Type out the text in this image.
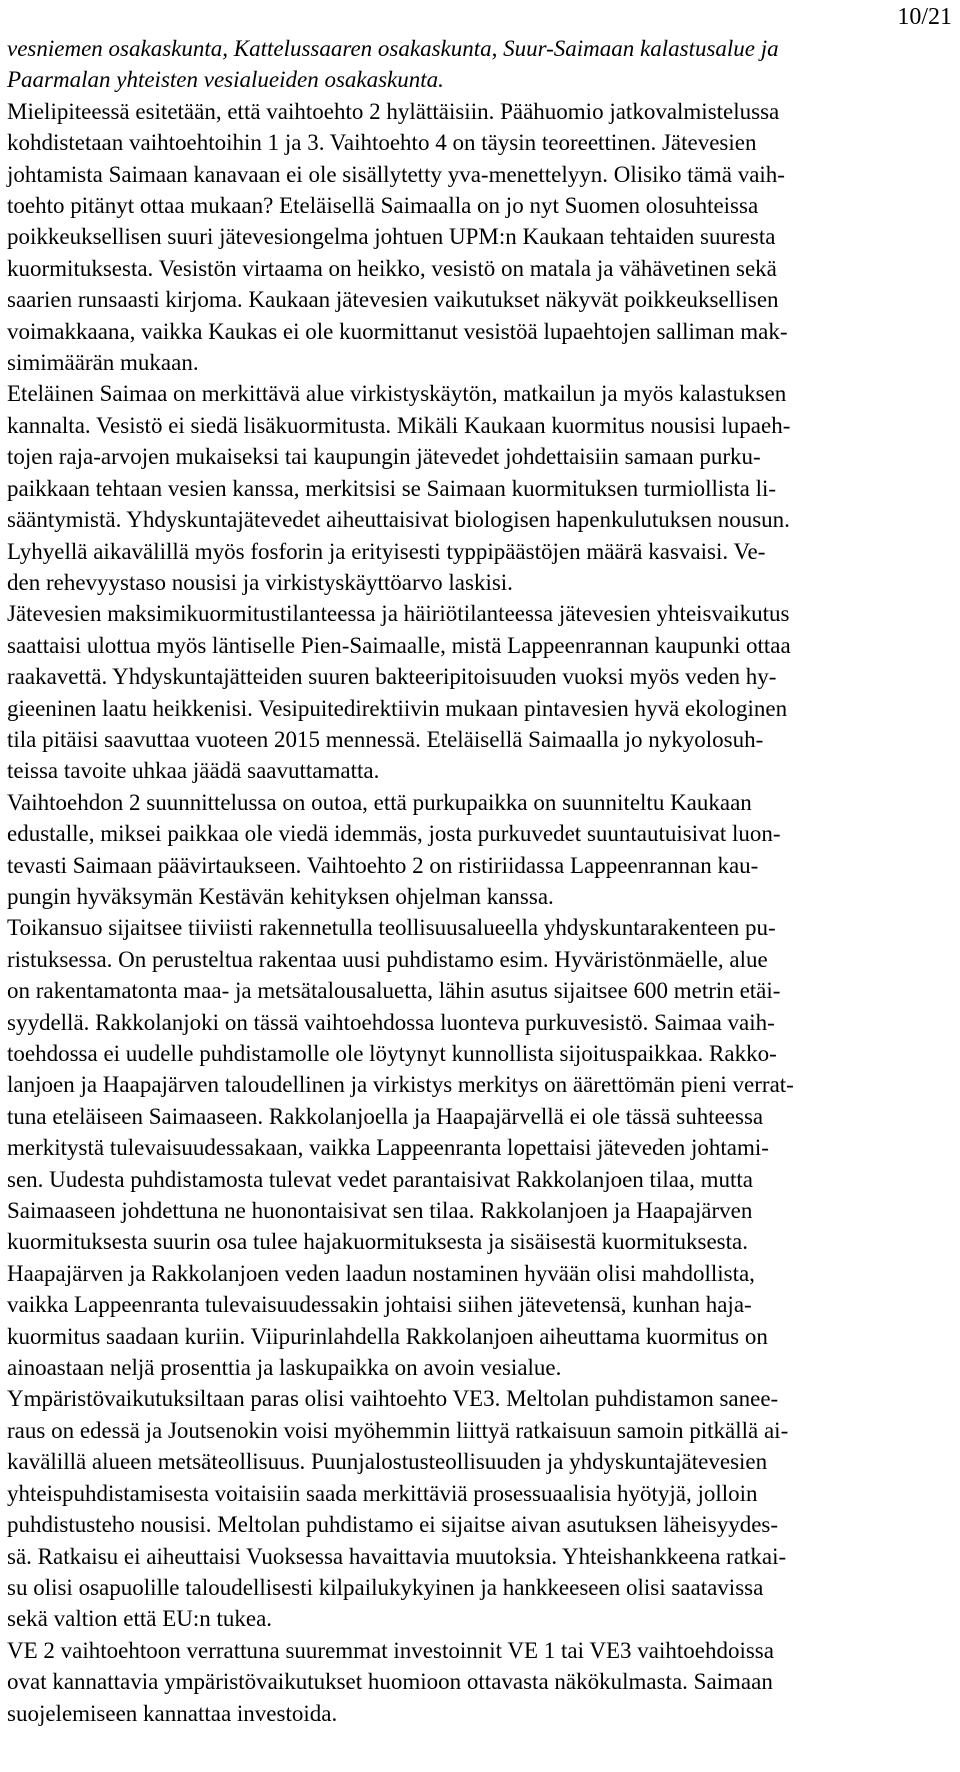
10/21

vesniemen osakaskunta, Kattelussaaren osakaskunta, Suur-Saimaan kalastusalue ja

Paarmalan yhteisten vesialueiden osakaskunta.

Mielipiteessä esitetään, että vaihtoehto 2 hylättäisiin. Päähuomio jatkovalmistelussa

kohdistetaan vaihtoehtoihin 1 ja 3. Vaihtoehto 4 on täysin teoreettinen. Jätevesien

johtamista Saimaan kanavaan ei ole sisällytetty yva-menettelyyn. Olisiko tämä vaih-

toehto pitänyt ottaa mukaan? Eteläisellä Saimaalla on jo nyt Suomen olosuhteissa

poikkeuksellisen suuri jätevesiongelma johtuen UPM:n Kaukaan tehtaiden suuresta

kuormituksesta. Vesistön virtaama on heikko, vesistö on matala ja vähävetinen sekä

saarien runsaasti kirjoma. Kaukaan jätevesien vaikutukset näkyvät poikkeuksellisen

voimakkaana, vaikka Kaukas ei ole kuormittanut vesistöä lupaehtojen salliman mak-

simimäärän mukaan.

Eteläinen Saimaa on merkittävä alue virkistyskäytön, matkailun ja myös kalastuksen

kannalta. Vesistö ei siedä lisäkuormitusta. Mikäli Kaukaan kuormitus nousisi lupaeh-

tojen raja-arvojen mukaiseksi tai kaupungin jätevedet johdettaisiin samaan purku-

paikkaan tehtaan vesien kanssa, merkitsisi se Saimaan kuormituksen turmiollista li-

sääntymistä. Yhdyskuntajätevedet aiheuttaisivat biologisen hapenkulutuksen nousun.

Lyhyellä aikavälillä myös fosforin ja erityisesti typpipäästöjen määrä kasvaisi. Ve-

den rehevyystaso nousisi ja virkistyskäyttöarvo laskisi.

Jätevesien maksimikuormitustilanteessa ja häiriötilanteessa jätevesien yhteisvaikutus

saattaisi ulottua myös läntiselle Pien-Saimaalle, mistä Lappeenrannan kaupunki ottaa

raakavettä. Yhdyskuntajätteiden suuren bakteeripitoisuuden vuoksi myös veden hy-

gieeninen laatu heikkenisi. Vesipuitedirektiivin mukaan pintavesien hyvä ekologinen

tila pitäisi saavuttaa vuoteen 2015 mennessä. Eteläisellä Saimaalla jo nykyolosuh-

teissa tavoite uhkaa jäädä saavuttamatta.

Vaihtoehdon 2 suunnittelussa on outoa, että purkupaikka on suunniteltu Kaukaan

edustalle, miksei paikkaa ole viedä idemmäs, josta purkuvedet suuntautuisivat luon-

tevasti Saimaan päävirtaukseen. Vaihtoehto 2 on ristiriidassa Lappeenrannan kau-

pungin hyväksymän Kestävän kehityksen ohjelman kanssa.

Toikansuo sijaitsee tiiviisti rakennetulla teollisuusalueella yhdyskuntarakenteen pu-

ristuksessa. On perusteltua rakentaa uusi puhdistamo esim. Hyväristönmäelle, alue

on rakentamatonta maa- ja metsätalousaluetta, lähin asutus sijaitsee 600 metrin etäi-

syydellä. Rakkolanjoki on tässä vaihtoehdossa luonteva purkuvesistö. Saimaa vaih-

toehdossa ei uudelle puhdistamolle ole löytynyt kunnollista sijoituspaikkaa. Rakko-

lanjoen ja Haapajärven taloudellinen ja virkistys merkitys on äärettömän pieni verrat-

tuna eteläiseen Saimaaseen. Rakkolanjoella ja Haapajärvellä ei ole tässä suhteessa

merkitystä tulevaisuudessakaan, vaikka Lappeenranta lopettaisi jäteveden johtami-

sen. Uudesta puhdistamosta tulevat vedet parantaisivat Rakkolanjoen tilaa, mutta

Saimaaseen johdettuna ne huonontaisivat sen tilaa. Rakkolanjoen ja Haapajärven

kuormituksesta suurin osa tulee hajakuormituksesta ja sisäisestä kuormituksesta.

Haapajärven ja Rakkolanjoen veden laadun nostaminen hyvään olisi mahdollista,

vaikka Lappeenranta tulevaisuudessakin johtaisi siihen jätevetensä, kunhan haja-

kuormitus saadaan kuriin. Viipurinlahdella Rakkolanjoen aiheuttama kuormitus on

ainoastaan neljä prosenttia ja laskupaikka on avoin vesialue.

Ympäristövaikutuksiltaan paras olisi vaihtoehto VE3. Meltolan puhdistamon saneе-

raus on edessä ja Joutsenokin voisi myöhemmin liittyä ratkaisuun samoin pitkällä ai-

kavälillä alueen metsäteollisuus. Puunjalostusteollisuuden ja yhdyskuntajätevesien

yhteispuhdistamisesta voitaisiin saada merkittäviä prosessuaalisia hyötyjä, jolloin

puhdistusteho nousisi. Meltolan puhdistamo ei sijaitse aivan asutuksen läheisyydes-

sä. Ratkaisu ei aiheuttaisi Vuoksessa havaittavia muutoksia. Yhteishankkeena ratkai-

su olisi osapuolille taloudellisesti kilpailukykyinen ja hankkeeseen olisi saatavissa

sekä valtion että EU:n tukea.

VE 2 vaihtoehtoon verrattuna suuremmat investoinnit VE 1 tai VE3 vaihtoehdoissa

ovat kannattavia ympäristövaikutukset huomioon ottavasta näkökulmasta. Saimaan

suojelemiseen kannattaa investoida.
